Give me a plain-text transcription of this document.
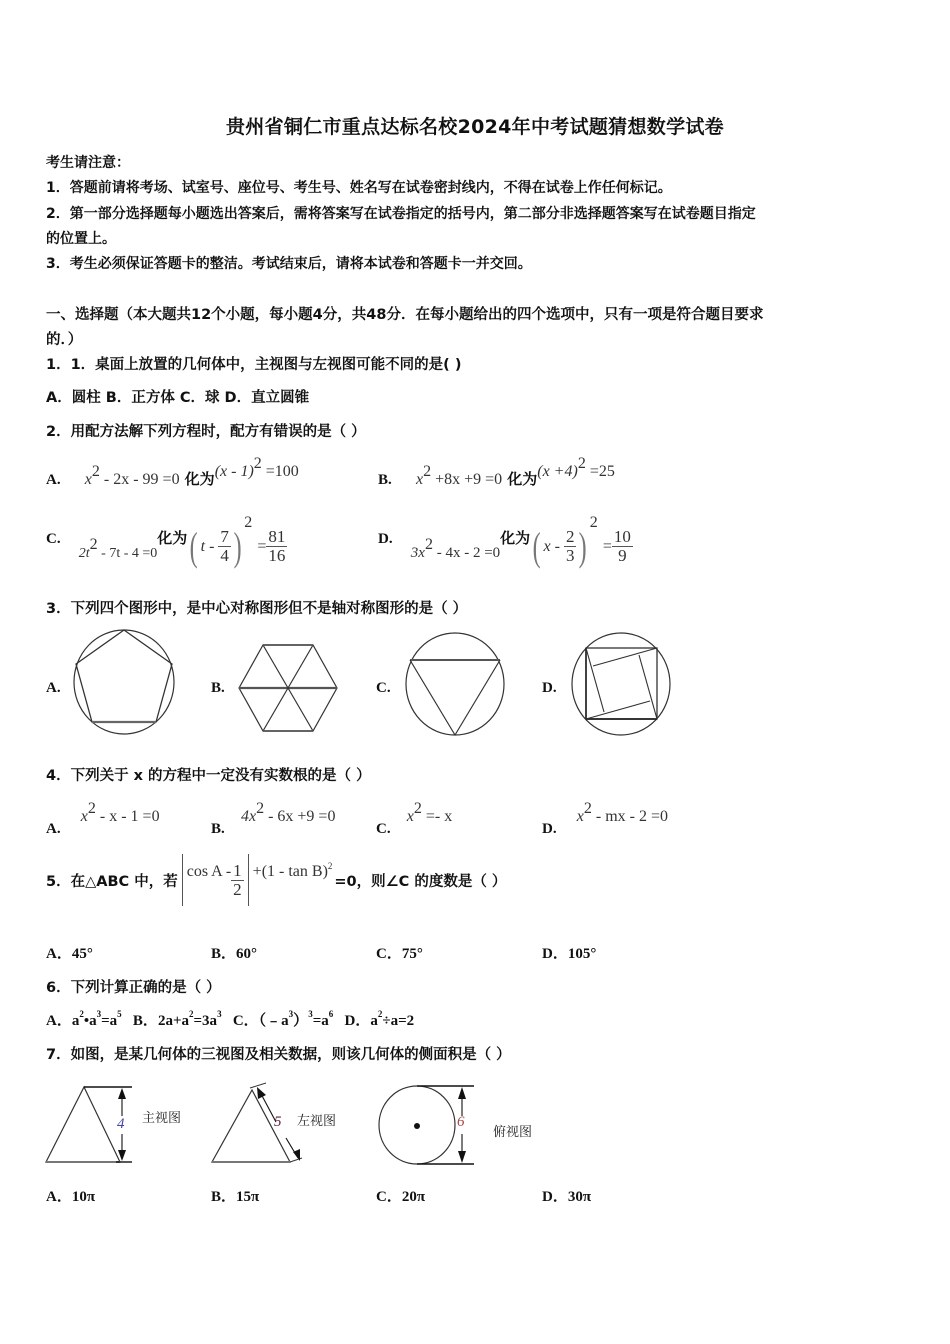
贵州省铜仁市重点达标名校2024年中考试题猜想数学试卷
考生请注意：
1．答题前请将考场、试室号、座位号、考生号、姓名写在试卷密封线内，不得在试卷上作任何标记。
2．第一部分选择题每小题选出答案后，需将答案写在试卷指定的括号内，第二部分非选择题答案写在试卷题目指定
的位置上。
3．考生必须保证答题卡的整洁。考试结束后，请将本试卷和答题卡一并交回。
一、选择题（本大题共12个小题，每小题4分，共48分．在每小题给出的四个选项中，只有一项是符合题目要求
的．）
1．1．桌面上放置的几何体中，主视图与左视图可能不同的是( )
A．圆柱 B．正方体 C．球 D．直立圆锥
2．用配方法解下列方程时，配方有错误的是（ ）
A. $x^2 - 2x - 99 =0$ 化为(x - 1)$^2$ =100	B. $x^2 +8x +9 =0$ 化为$(x +4)^2 =25$
C.  $2t^2 - 7t - 4 =0$化为( $t - \frac{7}{4} )^2 = \frac{81}{16}$	D.  $3x^2 - 4x - 2 =0$化为( $x - \frac{2}{3} )^2 = \frac{10}{9}$
3．下列四个图形中，是中心对称图形但不是轴对称图形的是（ ）
A.	B.	C.	D.
4．下列关于 x 的方程中一定没有实数根的是（ ）
A.  $x^2 - x - 1 =0$
B.  $4x^2 - 6x +9 =0$
C.  $x^2 =- x$
D.  $x^2$ - mx - 2 =0
5．在△ABC 中，若
$\cos A - \frac{1}{2} +(1 - \tan B)^2$
=0，则∠C 的度数是（ ）
A．45°	B．60°	C．75°	D．105°
6．下列计算正确的是（ ）
A．$a^2•a^3=a^5$ B．$2a+a^2=3a^3$ C．$(﹣a^3)^3=a^6$ D．$a^2\div a=2$
7．如图，是某几何体的三视图及相关数据，则该几何体的侧面积是（ ）
4 主视图	5 左视图	6
俯视图
A．10π	B．15π	C．20π	D．30π
